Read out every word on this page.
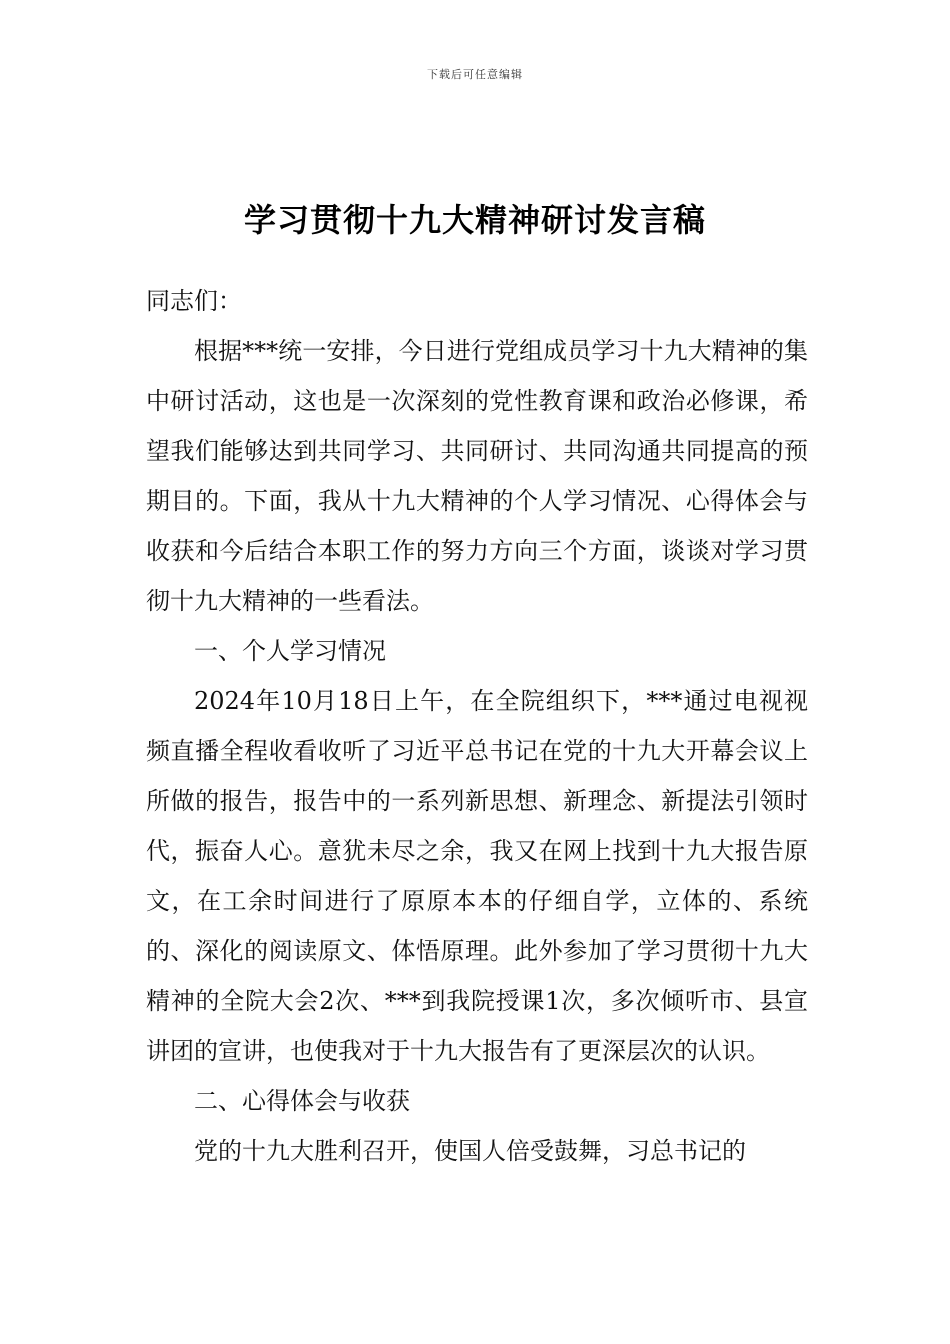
下载后可任意编辑
学习贯彻十九大精神研讨发言稿

同志们：

根据***统一安排，今日进行党组成员学习十九大精神的集中研讨活动，这也是一次深刻的党性教育课和政治必修课，希望我们能够达到共同学习、共同研讨、共同沟通共同提高的预期目的。下面，我从十九大精神的个人学习情况、心得体会与收获和今后结合本职工作的努力方向三个方面，谈谈对学习贯彻十九大精神的一些看法。

一、个人学习情况

2024年10月18日上午，在全院组织下，***通过电视视频直播全程收看收听了习近平总书记在党的十九大开幕会议上所做的报告，报告中的一系列新思想、新理念、新提法引领时代，振奋人心。意犹未尽之余，我又在网上找到十九大报告原文，在工余时间进行了原原本本的仔细自学，立体的、系统的、深化的阅读原文、体悟原理。此外参加了学习贯彻十九大精神的全院大会2次、***到我院授课1次，多次倾听市、县宣讲团的宣讲，也使我对于十九大报告有了更深层次的认识。

二、心得体会与收获

党的十九大胜利召开，使国人倍受鼓舞，习总书记的
